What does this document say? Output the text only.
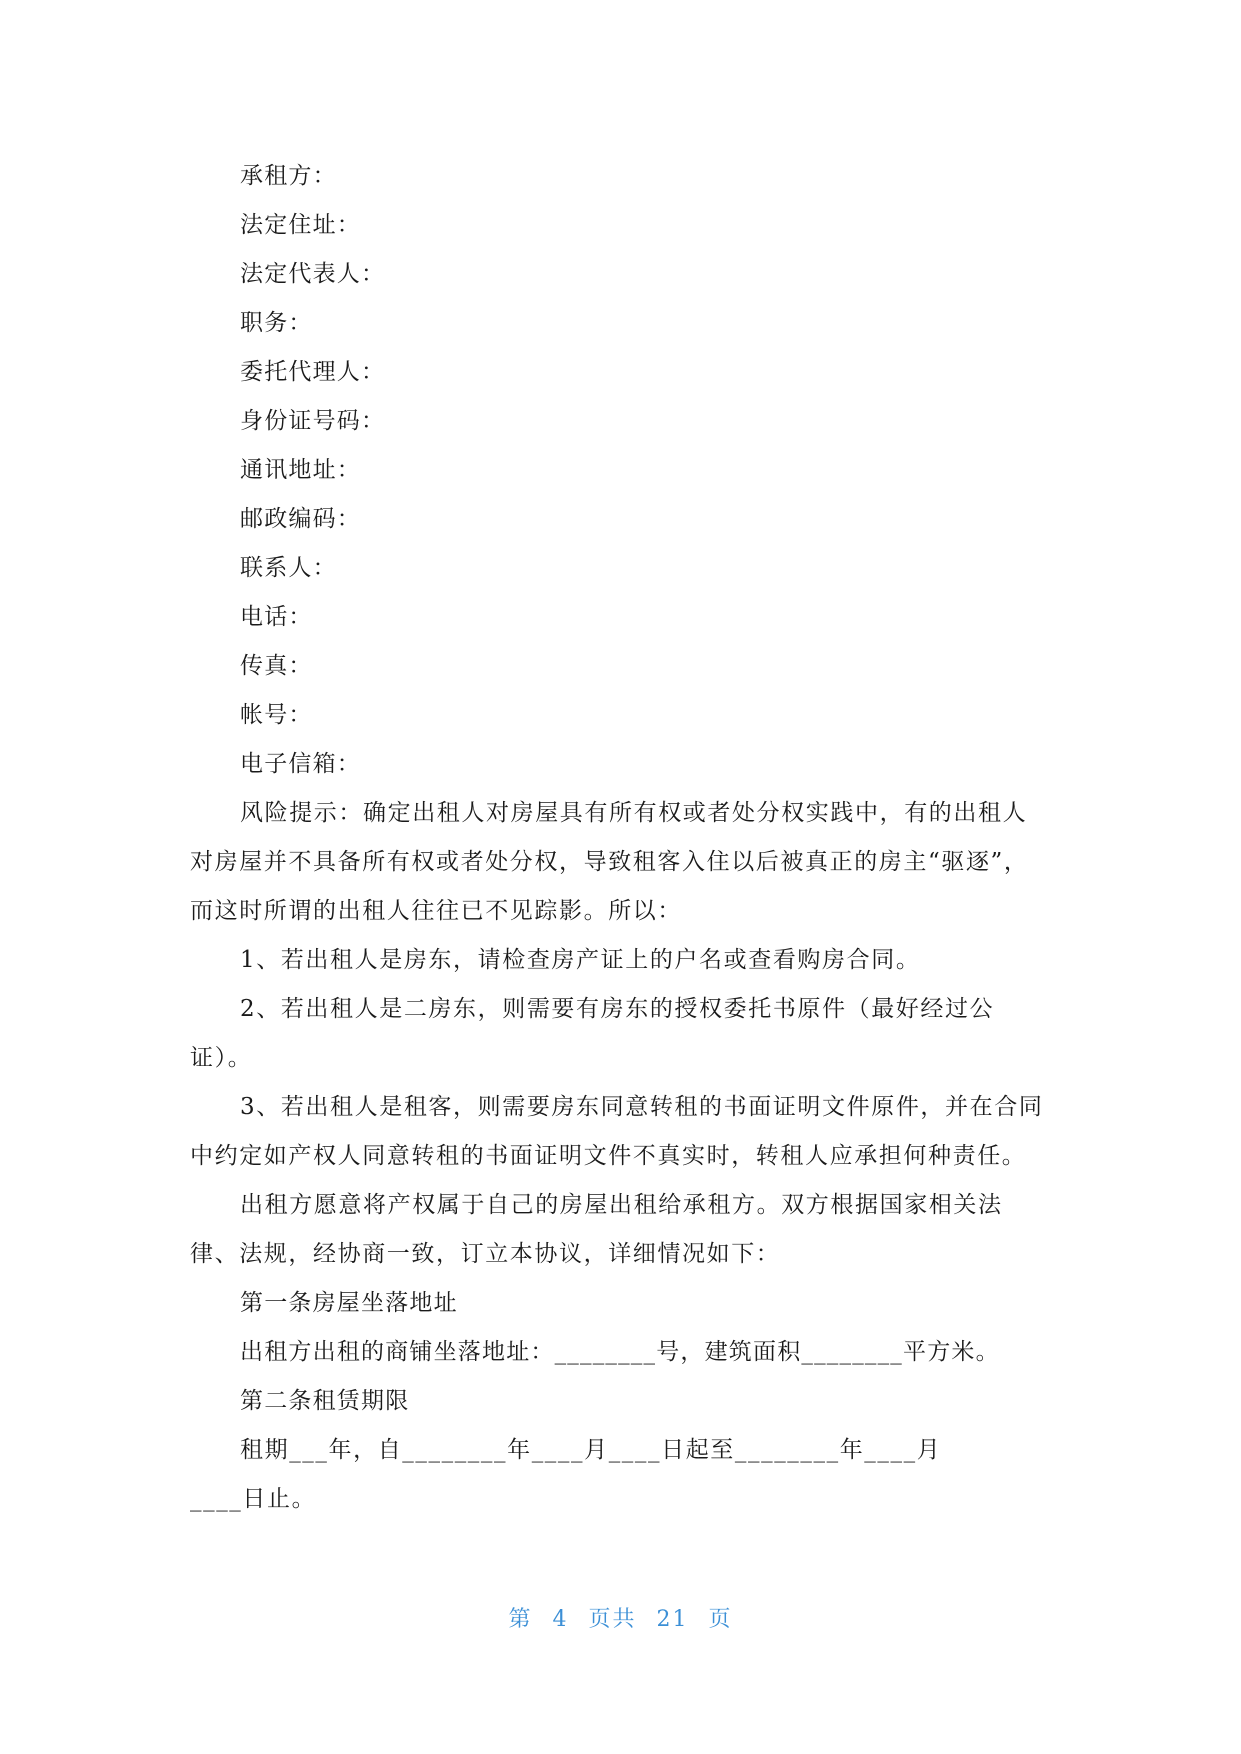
承租方：
法定住址：
法定代表人：
职务：
委托代理人：
身份证号码：
通讯地址：
邮政编码：
联系人：
电话：
传真：
帐号：
电子信箱：
风险提示：确定出租人对房屋具有所有权或者处分权实践中，有的出租人
对房屋并不具备所有权或者处分权，导致租客入住以后被真正的房主“驱逐”，
而这时所谓的出租人往往已不见踪影。所以：
1、若出租人是房东，请检查房产证上的户名或查看购房合同。
2、若出租人是二房东，则需要有房东的授权委托书原件（最好经过公
证）。
3、若出租人是租客，则需要房东同意转租的书面证明文件原件，并在合同
中约定如产权人同意转租的书面证明文件不真实时，转租人应承担何种责任。
出租方愿意将产权属于自己的房屋出租给承租方。双方根据国家相关法
律、法规，经协商一致，订立本协议，详细情况如下：
第一条房屋坐落地址
出租方出租的商铺坐落地址：________号，建筑面积________平方米。
第二条租赁期限
租期___年，自________年____月____日起至________年____月
____日止。
第 4 页共 21 页
